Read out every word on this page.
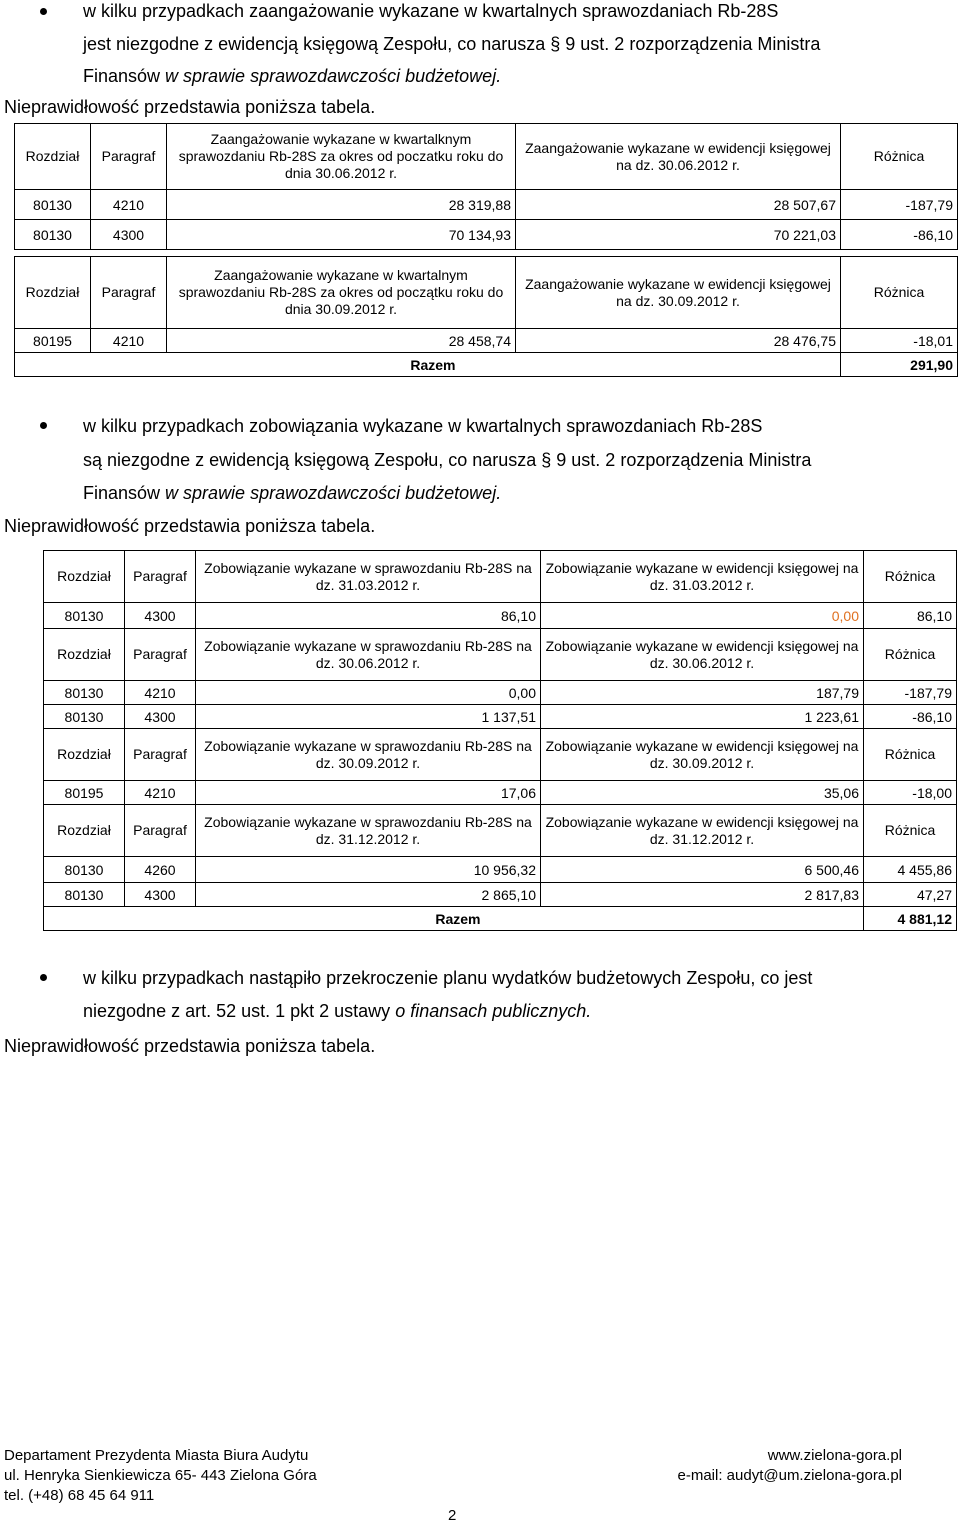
w kilku przypadkach zaangażowanie wykazane w kwartalnych sprawozdaniach Rb-28S
jest niezgodne z ewidencją księgową Zespołu, co narusza § 9 ust. 2 rozporządzenia Ministra
Finansów w sprawie sprawozdawczości budżetowej.
Nieprawidłowość przedstawia poniższa tabela.
Rozdział	Paragraf	Zaangażowanie wykazane w kwartalknym sprawozdaniu Rb-28S za okres od poczatku roku do dnia 30.06.2012 r.	Zaangażowanie wykazane w ewidencji księgowej na dz. 30.06.2012 r.	Różnica
80130	4210	28 319,88	28 507,67	-187,79
80130	4300	70 134,93	70 221,03	-86,10
Rozdział	Paragraf	Zaangażowanie wykazane w kwartalnym sprawozdaniu Rb-28S za okres od początku roku do dnia 30.09.2012 r.	Zaangażowanie wykazane w ewidencji księgowej na dz. 30.09.2012 r.	Różnica
80195	4210	28 458,74	28 476,75	-18,01
Razem				291,90
w kilku przypadkach zobowiązania wykazane w kwartalnych sprawozdaniach Rb-28S
są niezgodne z ewidencją księgową Zespołu, co narusza § 9 ust. 2 rozporządzenia Ministra
Finansów w sprawie sprawozdawczości budżetowej.
Nieprawidłowość przedstawia poniższa tabela.
Rozdział	Paragraf	Zobowiązanie wykazane w sprawozdaniu Rb-28S na dz. 31.03.2012 r.	Zobowiązanie wykazane w ewidencji księgowej na dz. 31.03.2012 r.	Różnica
80130	4300	86,10	0,00	86,10
Rozdział	Paragraf	Zobowiązanie wykazane w sprawozdaniu Rb-28S na dz. 30.06.2012 r.	Zobowiązanie wykazane w ewidencji księgowej na dz. 30.06.2012 r.	Różnica
80130	4210	0,00	187,79	-187,79
80130	4300	1 137,51	1 223,61	-86,10
Rozdział	Paragraf	Zobowiązanie wykazane w sprawozdaniu Rb-28S na dz. 30.09.2012 r.	Zobowiązanie wykazane w ewidencji księgowej na dz. 30.09.2012 r.	Różnica
80195	4210	17,06	35,06	-18,00
Rozdział	Paragraf	Zobowiązanie wykazane w sprawozdaniu Rb-28S na dz. 31.12.2012 r.	Zobowiązanie wykazane w ewidencji księgowej na dz. 31.12.2012 r.	Różnica
80130	4260	10 956,32	6 500,46	4 455,86
80130	4300	2 865,10	2 817,83	47,27
Razem				4 881,12
w kilku przypadkach nastąpiło przekroczenie planu wydatków budżetowych Zespołu, co jest
niezgodne z art. 52 ust. 1 pkt 2 ustawy o finansach publicznych.
Nieprawidłowość przedstawia poniższa tabela.
Departament Prezydenta Miasta Biura Audytu
ul. Henryka Sienkiewicza 65- 443 Zielona Góra
tel. (+48) 68 45 64 911
www.zielona-gora.pl
e-mail: audyt@um.zielona-gora.pl
2
